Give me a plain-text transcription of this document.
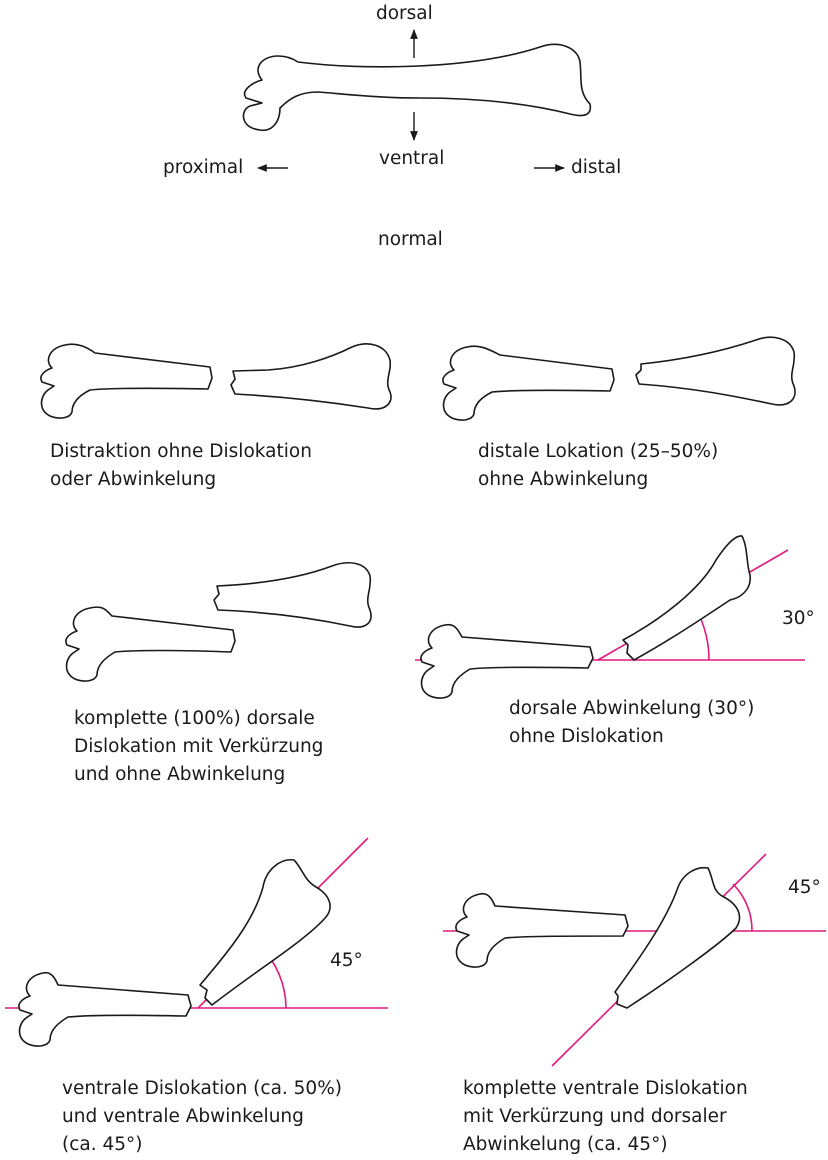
dorsal
ventral
proximal	distal
normal
Distraktion ohne Dislokation
oder Abwinkelung
distale Lokation (25–50%)
ohne Abwinkelung
komplette (100%) dorsale
Dislokation mit Verkürzung
und ohne Abwinkelung
dorsale Abwinkelung (30°)
ohne Dislokation
ventrale Dislokation (ca. 50%)
und ventrale Abwinkelung
(ca. 45°)
komplette ventrale Dislokation
mit Verkürzung und dorsaler
Abwinkelung (ca. 45°)
30°
45°
45°
